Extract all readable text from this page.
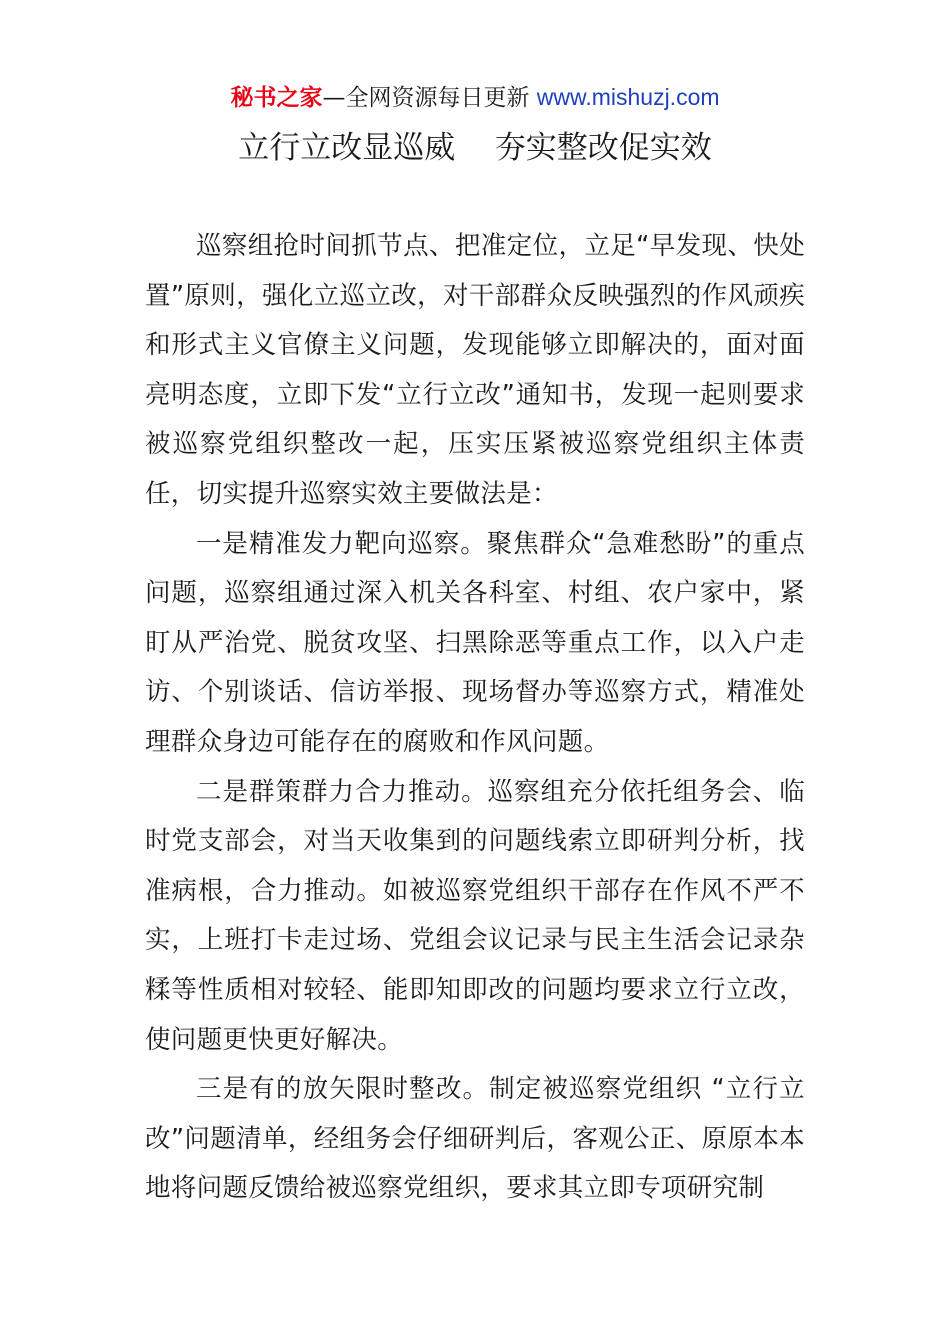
秘书之家—全网资源每日更新 www.mishuzj.com
立行立改显巡威    夯实整改促实效

巡察组抢时间抓节点、把准定位，立足“早发现、快处置”原则，强化立巡立改，对干部群众反映强烈的作风顽疾和形式主义官僚主义问题，发现能够立即解决的，面对面亮明态度，立即下发“立行立改”通知书，发现一起则要求被巡察党组织整改一起，压实压紧被巡察党组织主体责任，切实提升巡察实效主要做法是：

一是精准发力靶向巡察。聚焦群众“急难愁盼”的重点问题，巡察组通过深入机关各科室、村组、农户家中，紧盯从严治党、脱贫攻坚、扫黑除恶等重点工作，以入户走访、个别谈话、信访举报、现场督办等巡察方式，精准处理群众身边可能存在的腐败和作风问题。

二是群策群力合力推动。巡察组充分依托组务会、临时党支部会，对当天收集到的问题线索立即研判分析，找准病根，合力推动。如被巡察党组织干部存在作风不严不实，上班打卡走过场、党组会议记录与民主生活会记录杂糅等性质相对较轻、能即知即改的问题均要求立行立改，使问题更快更好解决。

三是有的放矢限时整改。制定被巡察党组织 “立行立改”问题清单，经组务会仔细研判后，客观公正、原原本本地将问题反馈给被巡察党组织，要求其立即专项研究制
